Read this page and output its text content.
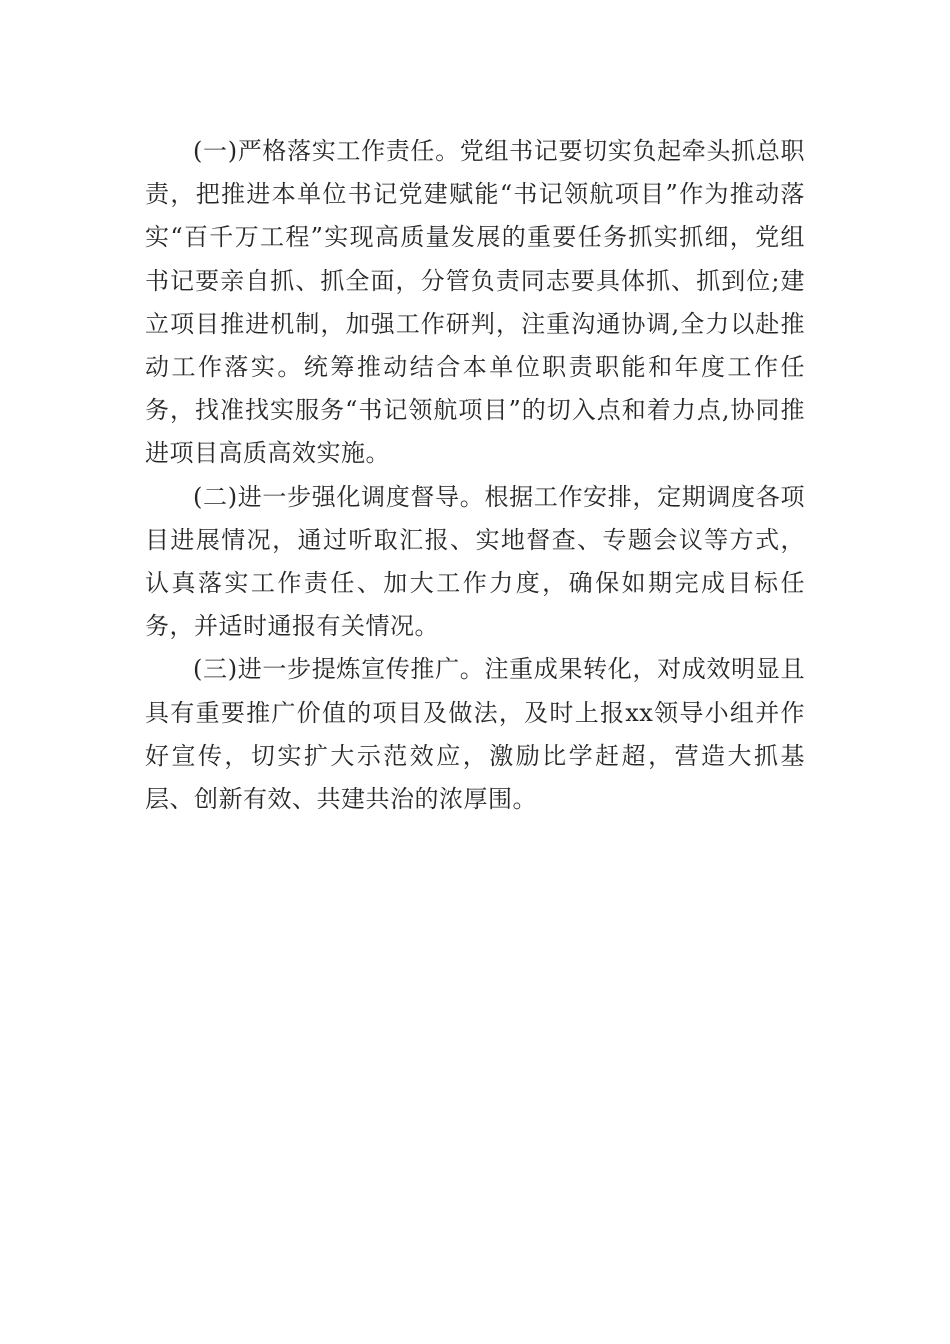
(一)严格落实工作责任。党组书记要切实负起牵头抓总职责，把推进本单位书记党建赋能“书记领航项目”作为推动落实“百千万工程”实现高质量发展的重要任务抓实抓细，党组书记要亲自抓、抓全面，分管负责同志要具体抓、抓到位;建立项目推进机制，加强工作研判，注重沟通协调,全力以赴推动工作落实。统筹推动结合本单位职责职能和年度工作任务，找准找实服务“书记领航项目”的切入点和着力点,协同推进项目高质高效实施。

(二)进一步强化调度督导。根据工作安排，定期调度各项目进展情况，通过听取汇报、实地督查、专题会议等方式，认真落实工作责任、加大工作力度，确保如期完成目标任务，并适时通报有关情况。

(三)进一步提炼宣传推广。注重成果转化，对成效明显且具有重要推广价值的项目及做法，及时上报xx领导小组并作好宣传，切实扩大示范效应，激励比学赶超，营造大抓基层、创新有效、共建共治的浓厚围。
